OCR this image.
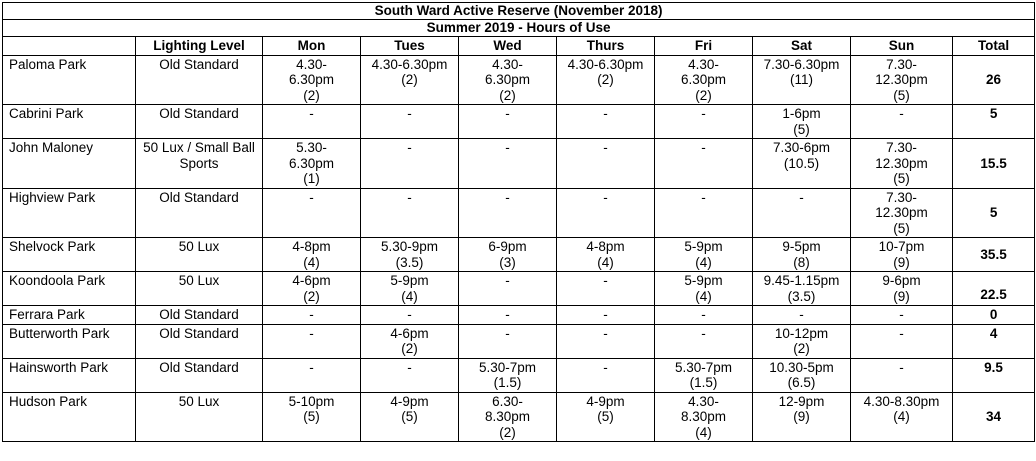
South Ward Active Reserve (November 2018)									
Summer 2019 - Hours of Use									
	Lighting Level	Mon	Tues	Wed	Thurs	Fri	Sat	Sun	Total
Paloma Park	Old Standard	4.30-
6.30pm
(2)	4.30-6.30pm
(2)	4.30-
6.30pm
(2)	4.30-6.30pm
(2)	4.30-
6.30pm
(2)	7.30-6.30pm
(11)	7.30-
12.30pm
(5)	26
Cabrini Park	Old Standard	-	-	-	-	-	1-6pm
(5)	-	5
John Maloney	50 Lux / Small Ball Sports	5.30-
6.30pm
(1)	-	-	-	-	7.30-6pm
(10.5)	7.30-
12.30pm
(5)	15.5
Highview Park	Old Standard	-	-	-	-	-	-	7.30-
12.30pm
(5)	5
Shelvock Park	50 Lux	4-8pm
(4)	5.30-9pm
(3.5)	6-9pm
(3)	4-8pm
(4)	5-9pm
(4)	9-5pm
(8)	10-7pm
(9)	35.5
Koondoola Park	50 Lux	4-6pm
(2)	5-9pm
(4)	-	-	5-9pm
(4)	9.45-1.15pm
(3.5)	9-6pm
(9)	22.5
Ferrara Park	Old Standard	-	-	-	-	-	-	-	0
Butterworth Park	Old Standard	-	4-6pm
(2)	-	-	-	10-12pm
(2)	-	4
Hainsworth Park	Old Standard	-	-	5.30-7pm
(1.5)	-	5.30-7pm
(1.5)	10.30-5pm
(6.5)	-	9.5
Hudson Park	50 Lux	5-10pm
(5)	4-9pm
(5)	6.30-
8.30pm
(2)	4-9pm
(5)	4.30-
8.30pm
(4)	12-9pm
(9)	4.30-8.30pm
(4)	34
